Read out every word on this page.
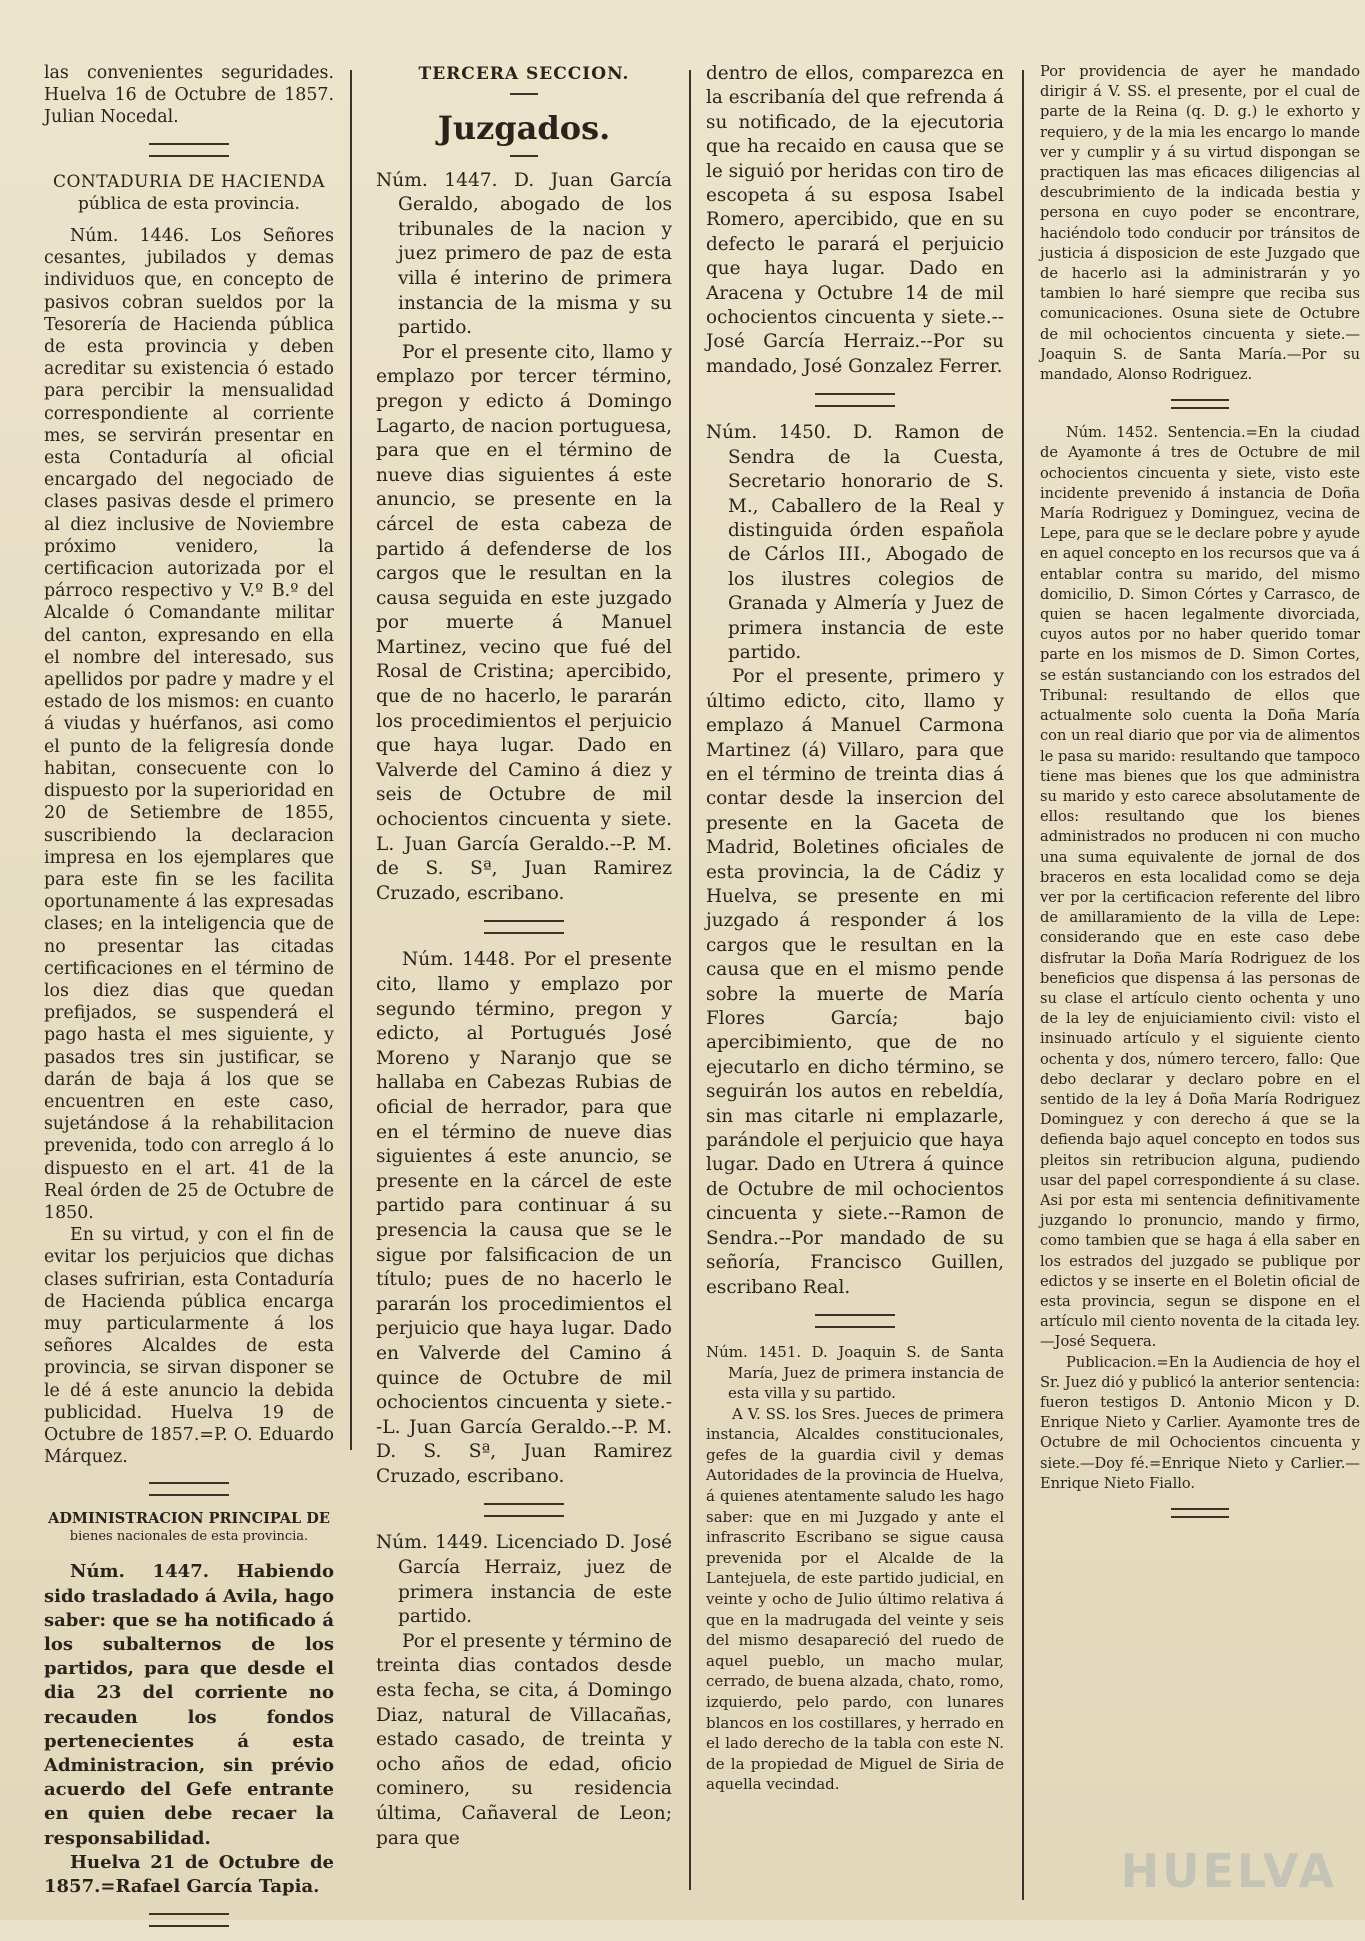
las convenientes seguridades. Huelva 16 de Octubre de 1857. Julian Nocedal.

CONTADURIA DE HACIENDA
pública de esta provincia.

Núm. 1446. Los Señores cesantes, jubilados y demas individuos que, en concepto de pasivos cobran sueldos por la Tesorería de Hacienda pública de esta provincia y deben acreditar su existencia ó estado para percibir la mensualidad correspondiente al corriente mes, se servirán presentar en esta Contaduría al oficial encargado del negociado de clases pasivas desde el primero al diez inclusive de Noviembre próximo venidero, la certificacion autorizada por el párroco respectivo y V.º B.º del Alcalde ó Comandante militar del canton, expresando en ella el nombre del interesado, sus apellidos por padre y madre y el estado de los mismos: en cuanto á viudas y huérfanos, asi como el punto de la feligresía donde habitan, consecuente con lo dispuesto por la superioridad en 20 de Setiembre de 1855, suscribiendo la declaracion impresa en los ejemplares que para este fin se les facilita oportunamente á las expresadas clases; en la inteligencia que de no presentar las citadas certificaciones en el término de los diez dias que quedan prefijados, se suspenderá el pago hasta el mes siguiente, y pasados tres sin justificar, se darán de baja á los que se encuentren en este caso, sujetándose á la rehabilitacion prevenida, todo con arreglo á lo dispuesto en el art. 41 de la Real órden de 25 de Octubre de 1850.

En su virtud, y con el fin de evitar los perjuicios que dichas clases sufririan, esta Contaduría de Hacienda pública encarga muy particularmente á los señores Alcaldes de esta provincia, se sirvan disponer se le dé á este anuncio la debida publicidad. Huelva 19 de Octubre de 1857.=P. O. Eduardo Márquez.

ADMINISTRACION PRINCIPAL DE
bienes nacionales de esta provincia.

Núm. 1447. Habiendo sido trasladado á Avila, hago saber: que se ha notificado á los subalternos de los partidos, para que desde el dia 23 del corriente no recauden los fondos pertenecientes á esta Administracion, sin prévio acuerdo del Gefe entrante en quien debe recaer la responsabilidad.

Huelva 21 de Octubre de 1857.=Rafael García Tapia.

TERCERA SECCION.
Juzgados.

Núm. 1447. D. Juan García Geraldo, abogado de los tribunales de la nacion y juez primero de paz de esta villa é interino de primera instancia de la misma y su partido.

Por el presente cito, llamo y emplazo por tercer término, pregon y edicto á Domingo Lagarto, de nacion portuguesa, para que en el término de nueve dias siguientes á este anuncio, se presente en la cárcel de esta cabeza de partido á defenderse de los cargos que le resultan en la causa seguida en este juzgado por muerte á Manuel Martinez, vecino que fué del Rosal de Cristina; apercibido, que de no hacerlo, le pararán los procedimientos el perjuicio que haya lugar. Dado en Valverde del Camino á diez y seis de Octubre de mil ochocientos cincuenta y siete. L. Juan García Geraldo.--P. M. de S. Sª, Juan Ramirez Cruzado, escribano.

Núm. 1448. Por el presente cito, llamo y emplazo por segundo término, pregon y edicto, al Portugués José Moreno y Naranjo que se hallaba en Cabezas Rubias de oficial de herrador, para que en el término de nueve dias siguientes á este anuncio, se presente en la cárcel de este partido para continuar á su presencia la causa que se le sigue por falsificacion de un título; pues de no hacerlo le pararán los procedimientos el perjuicio que haya lugar. Dado en Valverde del Camino á quince de Octubre de mil ochocientos cincuenta y siete.--L. Juan García Geraldo.--P. M. D. S. Sª, Juan Ramirez Cruzado, escribano.

Núm. 1449. Licenciado D. José García Herraiz, juez de primera instancia de este partido.

Por el presente y término de treinta dias contados desde esta fecha, se cita, á Domingo Diaz, natural de Villacañas, estado casado, de treinta y ocho años de edad, oficio cominero, su residencia última, Cañaveral de Leon; para que

dentro de ellos, comparezca en la escribanía del que refrenda á su notificado, de la ejecutoria que ha recaido en causa que se le siguió por heridas con tiro de escopeta á su esposa Isabel Romero, apercibido, que en su defecto le parará el perjuicio que haya lugar. Dado en Aracena y Octubre 14 de mil ochocientos cincuenta y siete.--José García Herraiz.--Por su mandado, José Gonzalez Ferrer.

Núm. 1450. D. Ramon de Sendra de la Cuesta, Secretario honorario de S. M., Caballero de la Real y distinguida órden española de Cárlos III., Abogado de los ilustres colegios de Granada y Almería y Juez de primera instancia de este partido.

Por el presente, primero y último edicto, cito, llamo y emplazo á Manuel Carmona Martinez (á) Villaro, para que en el término de treinta dias á contar desde la insercion del presente en la Gaceta de Madrid, Boletines oficiales de esta provincia, la de Cádiz y Huelva, se presente en mi juzgado á responder á los cargos que le resultan en la causa que en el mismo pende sobre la muerte de María Flores García; bajo apercibimiento, que de no ejecutarlo en dicho término, se seguirán los autos en rebeldía, sin mas citarle ni emplazarle, parándole el perjuicio que haya lugar. Dado en Utrera á quince de Octubre de mil ochocientos cincuenta y siete.--Ramon de Sendra.--Por mandado de su señoría, Francisco Guillen, escribano Real.

Núm. 1451. D. Joaquin S. de Santa María, Juez de primera instancia de esta villa y su partido.

A V. SS. los Sres. Jueces de primera instancia, Alcaldes constitucionales, gefes de la guardia civil y demas Autoridades de la provincia de Huelva, á quienes atentamente saludo les hago saber: que en mi Juzgado y ante el infrascrito Escribano se sigue causa prevenida por el Alcalde de la Lantejuela, de este partido judicial, en veinte y ocho de Julio último relativa á que en la madrugada del veinte y seis del mismo desapareció del ruedo de aquel pueblo, un macho mular, cerrado, de buena alzada, chato, romo, izquierdo, pelo pardo, con lunares blancos en los costillares, y herrado en el lado derecho de la tabla con este N. de la propiedad de Miguel de Siria de aquella vecindad.

Por providencia de ayer he mandado dirigir á V. SS. el presente, por el cual de parte de la Reina (q. D. g.) le exhorto y requiero, y de la mia les encargo lo mande ver y cumplir y á su virtud dispongan se practiquen las mas eficaces diligencias al descubrimiento de la indicada bestia y persona en cuyo poder se encontrare, haciéndolo todo conducir por tránsitos de justicia á disposicion de este Juzgado que de hacerlo asi la administrarán y yo tambien lo haré siempre que reciba sus comunicaciones. Osuna siete de Octubre de mil ochocientos cincuenta y siete.—Joaquin S. de Santa María.—Por su mandado, Alonso Rodriguez.

Núm. 1452. Sentencia.=En la ciudad de Ayamonte á tres de Octubre de mil ochocientos cincuenta y siete, visto este incidente prevenido á instancia de Doña María Rodriguez y Dominguez, vecina de Lepe, para que se le declare pobre y ayude en aquel concepto en los recursos que va á entablar contra su marido, del mismo domicilio, D. Simon Córtes y Carrasco, de quien se hacen legalmente divorciada, cuyos autos por no haber querido tomar parte en los mismos de D. Simon Cortes, se están sustanciando con los estrados del Tribunal: resultando de ellos que actualmente solo cuenta la Doña María con un real diario que por via de alimentos le pasa su marido: resultando que tampoco tiene mas bienes que los que administra su marido y esto carece absolutamente de ellos: resultando que los bienes administrados no producen ni con mucho una suma equivalente de jornal de dos braceros en esta localidad como se deja ver por la certificacion referente del libro de amillaramiento de la villa de Lepe: considerando que en este caso debe disfrutar la Doña María Rodriguez de los beneficios que dispensa á las personas de su clase el artículo ciento ochenta y uno de la ley de enjuiciamiento civil: visto el insinuado artículo y el siguiente ciento ochenta y dos, número tercero, fallo: Que debo declarar y declaro pobre en el sentido de la ley á Doña María Rodriguez Dominguez y con derecho á que se la defienda bajo aquel concepto en todos sus pleitos sin retribucion alguna, pudiendo usar del papel correspondiente á su clase. Asi por esta mi sentencia definitivamente juzgando lo pronuncio, mando y firmo, como tambien que se haga á ella saber en los estrados del juzgado se publique por edictos y se inserte en el Boletin oficial de esta provincia, segun se dispone en el artículo mil ciento noventa de la citada ley.—José Sequera.

Publicacion.=En la Audiencia de hoy el Sr. Juez dió y publicó la anterior sentencia: fueron testigos D. Antonio Micon y D. Enrique Nieto y Carlier. Ayamonte tres de Octubre de mil Ochocientos cincuenta y siete.—Doy fé.=Enrique Nieto y Carlier.—Enrique Nieto Fiallo.

HUELVA
